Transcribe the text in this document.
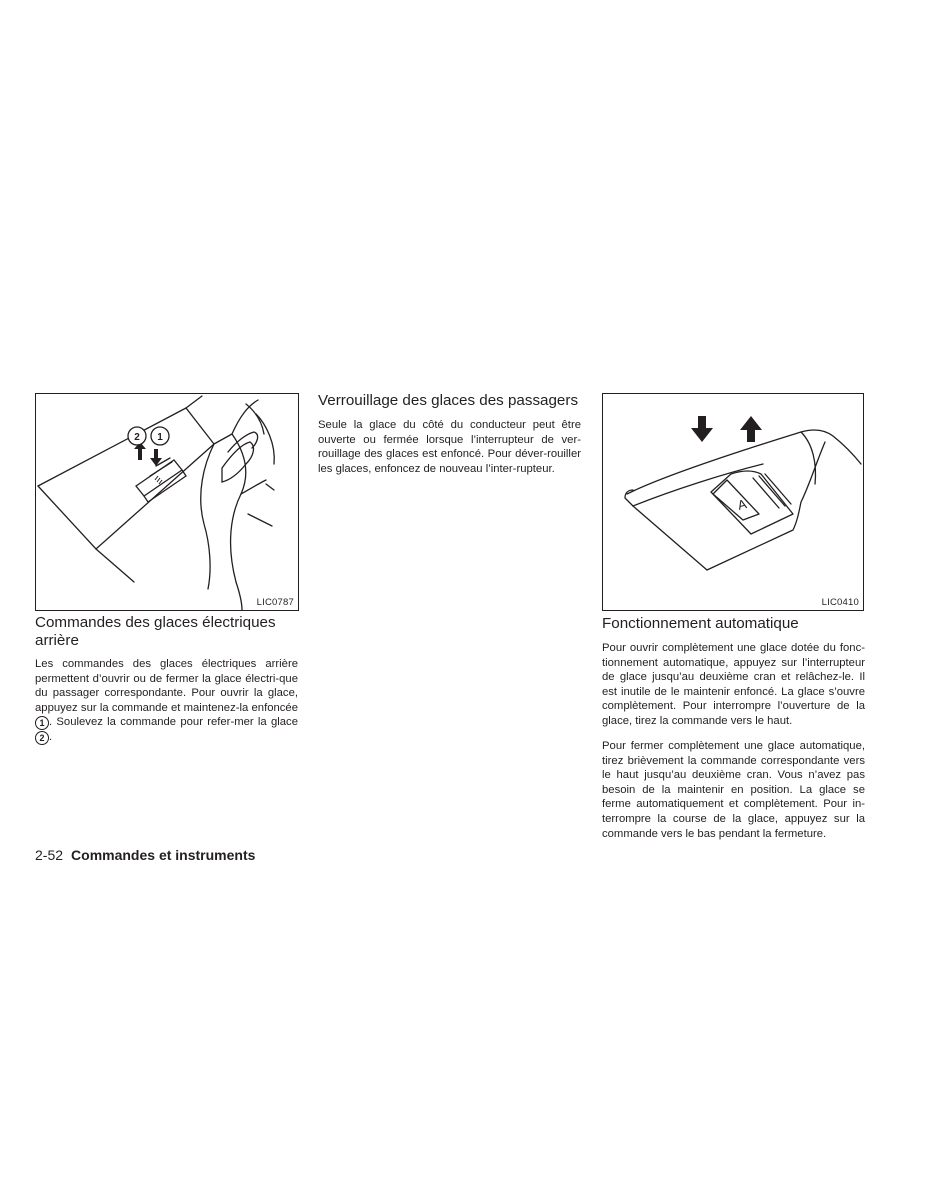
2 1
LIC0787
A
LIC0410
Commandes des glaces électriques arrière

Les commandes des glaces électriques arrière permettent d’ouvrir ou de fermer la glace électri-que du passager correspondante. Pour ouvrir la glace, appuyez sur la commande et maintenez-la enfoncée 1 . Soulevez la commande pour refer-mer la glace 2 .

Verrouillage des glaces des passagers

Seule la glace du côté du conducteur peut être ouverte ou fermée lorsque l’interrupteur de ver-rouillage des glaces est enfoncé. Pour déver-rouiller les glaces, enfoncez de nouveau l’inter-rupteur.

Fonctionnement automatique

Pour ouvrir complètement une glace dotée du fonc-tionnement automatique, appuyez sur l’interrupteur de glace jusqu’au deuxième cran et relâchez-le. Il est inutile de le maintenir enfoncé. La glace s’ouvre complètement. Pour interrompre l’ouverture de la glace, tirez la commande vers le haut.

Pour fermer complètement une glace automatique, tirez brièvement la commande correspondante vers le haut jusqu’au deuxième cran. Vous n’avez pas besoin de la maintenir en position. La glace se ferme automatiquement et complètement. Pour in-terrompre la course de la glace, appuyez sur la commande vers le bas pendant la fermeture.

2-52 Commandes et instruments
